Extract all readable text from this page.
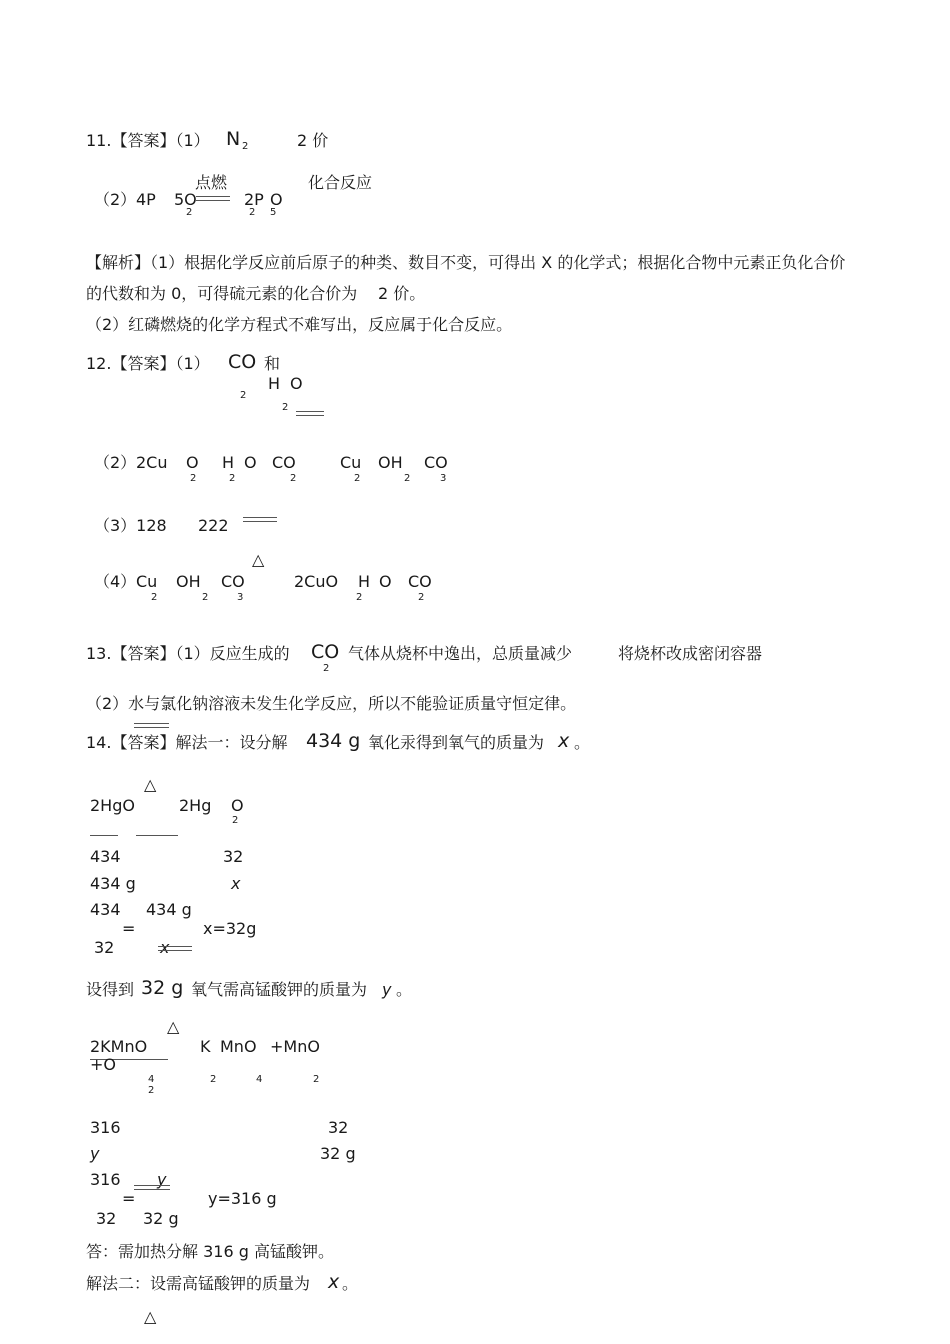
11.【答案】（1） N 2	2 价
点燃	化合反应
（2） 4P 5O
2
2P O
2 5
【解析】（1）根据化学反应前后原子的种类、数目不变，可得出 X 的化学式；根据化合物中元素正负化合价
的代数和为 0，可得硫元素的化合价为 2 价。
（2）红磷燃烧的化学方程式不难写出，反应属于化合反应。
12.【答案】（1） CO 和
2
H O
2
（2） 2Cu O
2
H
2
O CO
2
Cu
2
OH
2
CO
3
（3）128 222
△
（4） Cu
2
OH
2
CO
3
2CuO H
2
O CO
2
13.【答案】（1）反应生成的 CO
2
气体从烧杯中逸出，总质量减少	将烧杯改成密闭容器
（2）水与氯化钠溶液未发生化学反应，所以不能验证质量守恒定律。
14.【答案】解法一：设分解 434 g 氧化汞得到氧气的质量为 x 。
△
2HgO	2Hg O
2
434	32
434 g	x
434 434 g
=	x=32g
32	x
设得到 32 g 氧气需高锰酸钾的质量为 y 。
△
2KMnO	K MnO +MnO
+O
4
2
2	4	2
316	32
y	32 g
316 y
=	y=316 g
32 32 g
答：需加热分解 316 g 高锰酸钾。
解法二：设需高锰酸钾的质量为 x 。
△
